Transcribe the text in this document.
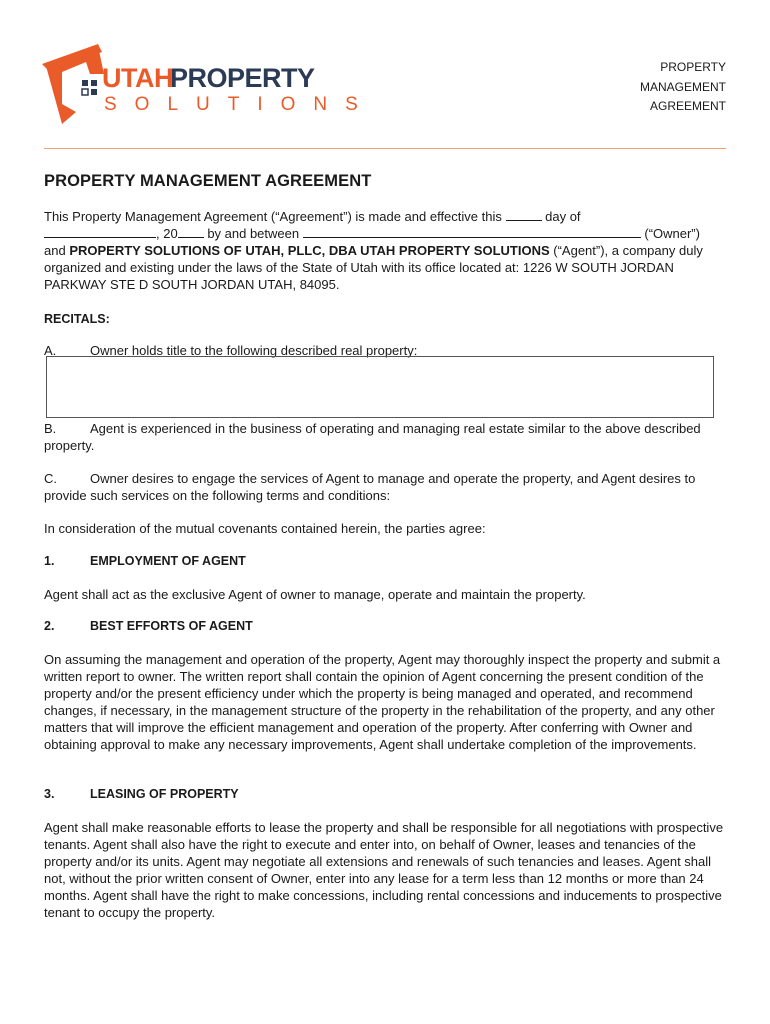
UTAH
PROPERTY
SOLUTIONS
PROPERTY
MANAGEMENT
AGREEMENT
PROPERTY MANAGEMENT AGREEMENT

This Property Management Agreement (“Agreement”) is made and effective this	day of
, 20 by and between	(“Owner”)
and PROPERTY SOLUTIONS OF UTAH, PLLC, DBA UTAH PROPERTY SOLUTIONS (“Agent”), a company duly organized and existing under the laws of the State of Utah with its office located at: 1226 W SOUTH JORDAN PARKWAY STE D SOUTH JORDAN UTAH, 84095.

RECITALS:

A.	Owner holds title to the following described real property:

B.	Agent is experienced in the business of operating and managing real estate similar to the above described property.

C.	Owner desires to engage the services of Agent to manage and operate the property, and Agent desires to provide such services on the following terms and conditions:

In consideration of the mutual covenants contained herein, the parties agree:

1.	EMPLOYMENT OF AGENT

Agent shall act as the exclusive Agent of owner to manage, operate and maintain the property.

2.	BEST EFFORTS OF AGENT

On assuming the management and operation of the property, Agent may thoroughly inspect the property and submit a written report to owner. The written report shall contain the opinion of Agent concerning the present condition of the property and/or the present efficiency under which the property is being managed and operated, and recommend changes, if necessary, in the management structure of the property in the rehabilitation of the property, and any other matters that will improve the efficient management and operation of the property. After conferring with Owner and obtaining approval to make any necessary improvements, Agent shall undertake completion of the improvements.

3.	LEASING OF PROPERTY

Agent shall make reasonable efforts to lease the property and shall be responsible for all negotiations with prospective tenants. Agent shall also have the right to execute and enter into, on behalf of Owner, leases and tenancies of the property and/or its units. Agent may negotiate all extensions and renewals of such tenancies and leases. Agent shall not, without the prior written consent of Owner, enter into any lease for a term less than 12 months or more than 24 months. Agent shall have the right to make concessions, including rental concessions and inducements to prospective tenant to occupy the property.
